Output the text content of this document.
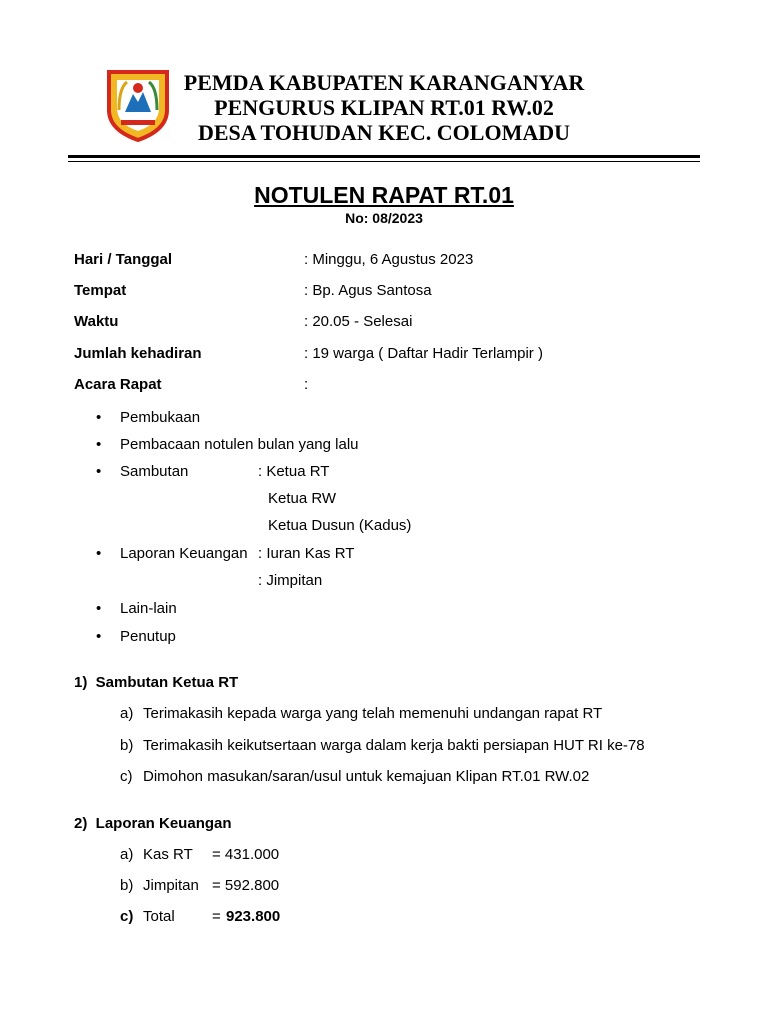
PEMDA KABUPATEN KARANGANYAR
PENGURUS KLIPAN RT.01 RW.02
DESA TOHUDAN KEC. COLOMADU
NOTULEN RAPAT RT.01
No: 08/2023
Hari / Tanggal	: Minggu, 6 Agustus 2023
Tempat	: Bp. Agus Santosa
Waktu	: 20.05 - Selesai
Jumlah kehadiran	: 19 warga ( Daftar Hadir Terlampir )
Acara Rapat	:
• Pembukaan
• Pembacaan notulen bulan yang lalu
• Sambutan	: Ketua RT
Ketua RW
Ketua Dusun (Kadus)
• Laporan Keuangan : Iuran Kas RT
: Jimpitan
• Lain-lain
• Penutup
1)  Sambutan Ketua RT
a) Terimakasih kepada warga yang telah memenuhi undangan rapat RT
b) Terimakasih keikutsertaan warga dalam kerja bakti persiapan HUT RI ke-78
c) Dimohon masukan/saran/usul untuk kemajuan Klipan RT.01 RW.02
2)  Laporan Keuangan
a) Kas RT = 431.000
b) Jimpitan = 592.800
c) Total = 923.800
